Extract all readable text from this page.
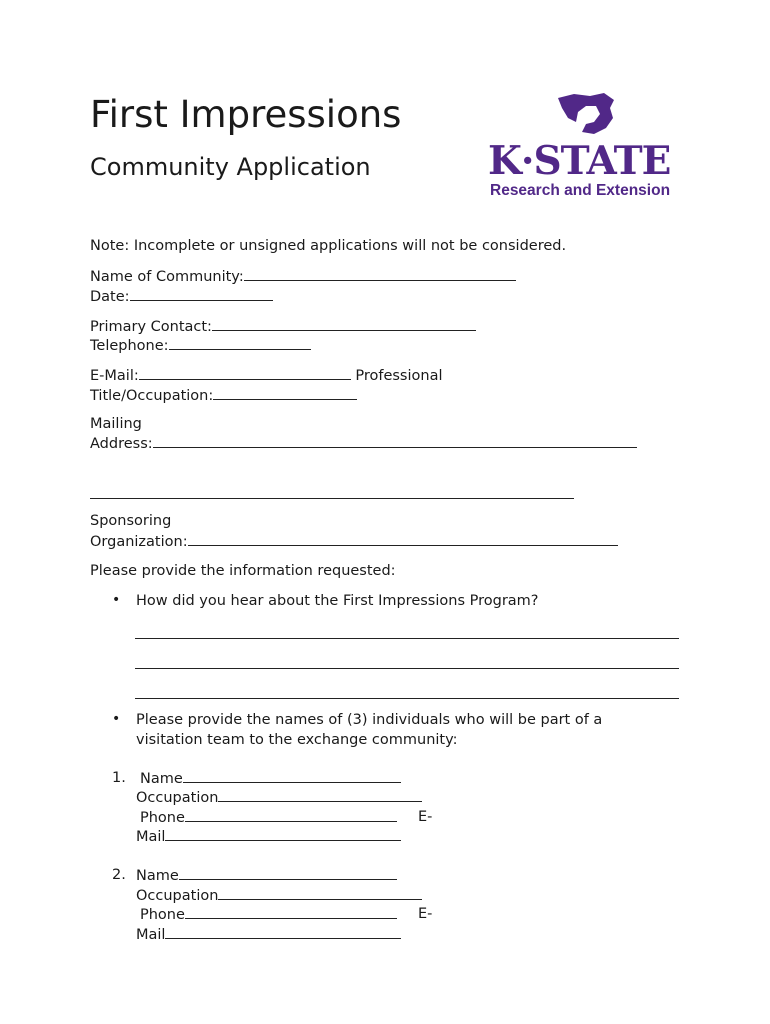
First Impressions
Community Application	K·STATE
Research and Extension
Note: Incomplete or unsigned applications will not be considered.
Name of Community:
Date:
Primary Contact:
Telephone:
E-Mail:	Professional
Title/Occupation:
Mailing
Address:
Sponsoring
Organization:
Please provide the information requested:
• How did you hear about the First Impressions Program?
• Please provide the names of (3) individuals who will be part of a
visitation team to the exchange community:
1. Name
Occupation
Phone	E-
Mail
2. Name
Occupation
Phone	E-
Mail
